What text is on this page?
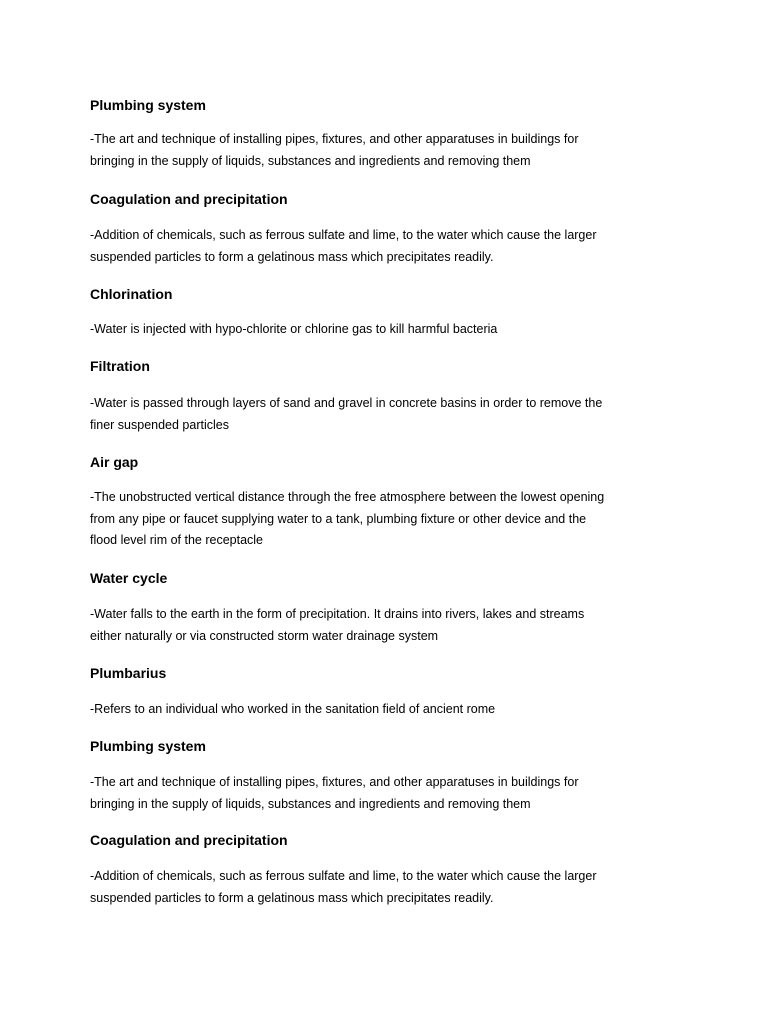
Plumbing system

-The art and technique of installing pipes, fixtures, and other apparatuses in buildings for
bringing in the supply of liquids, substances and ingredients and removing them

Coagulation and precipitation

-Addition of chemicals, such as ferrous sulfate and lime, to the water which cause the larger
suspended particles to form a gelatinous mass which precipitates readily.

Chlorination

-Water is injected with hypo-chlorite or chlorine gas to kill harmful bacteria

Filtration

-Water is passed through layers of sand and gravel in concrete basins in order to remove the
finer suspended particles

Air gap

-The unobstructed vertical distance through the free atmosphere between the lowest opening
from any pipe or faucet supplying water to a tank, plumbing fixture or other device and the
flood level rim of the receptacle

Water cycle

-Water falls to the earth in the form of precipitation. It drains into rivers, lakes and streams
either naturally or via constructed storm water drainage system

Plumbarius

-Refers to an individual who worked in the sanitation field of ancient rome

Plumbing system

-The art and technique of installing pipes, fixtures, and other apparatuses in buildings for
bringing in the supply of liquids, substances and ingredients and removing them

Coagulation and precipitation

-Addition of chemicals, such as ferrous sulfate and lime, to the water which cause the larger
suspended particles to form a gelatinous mass which precipitates readily.
